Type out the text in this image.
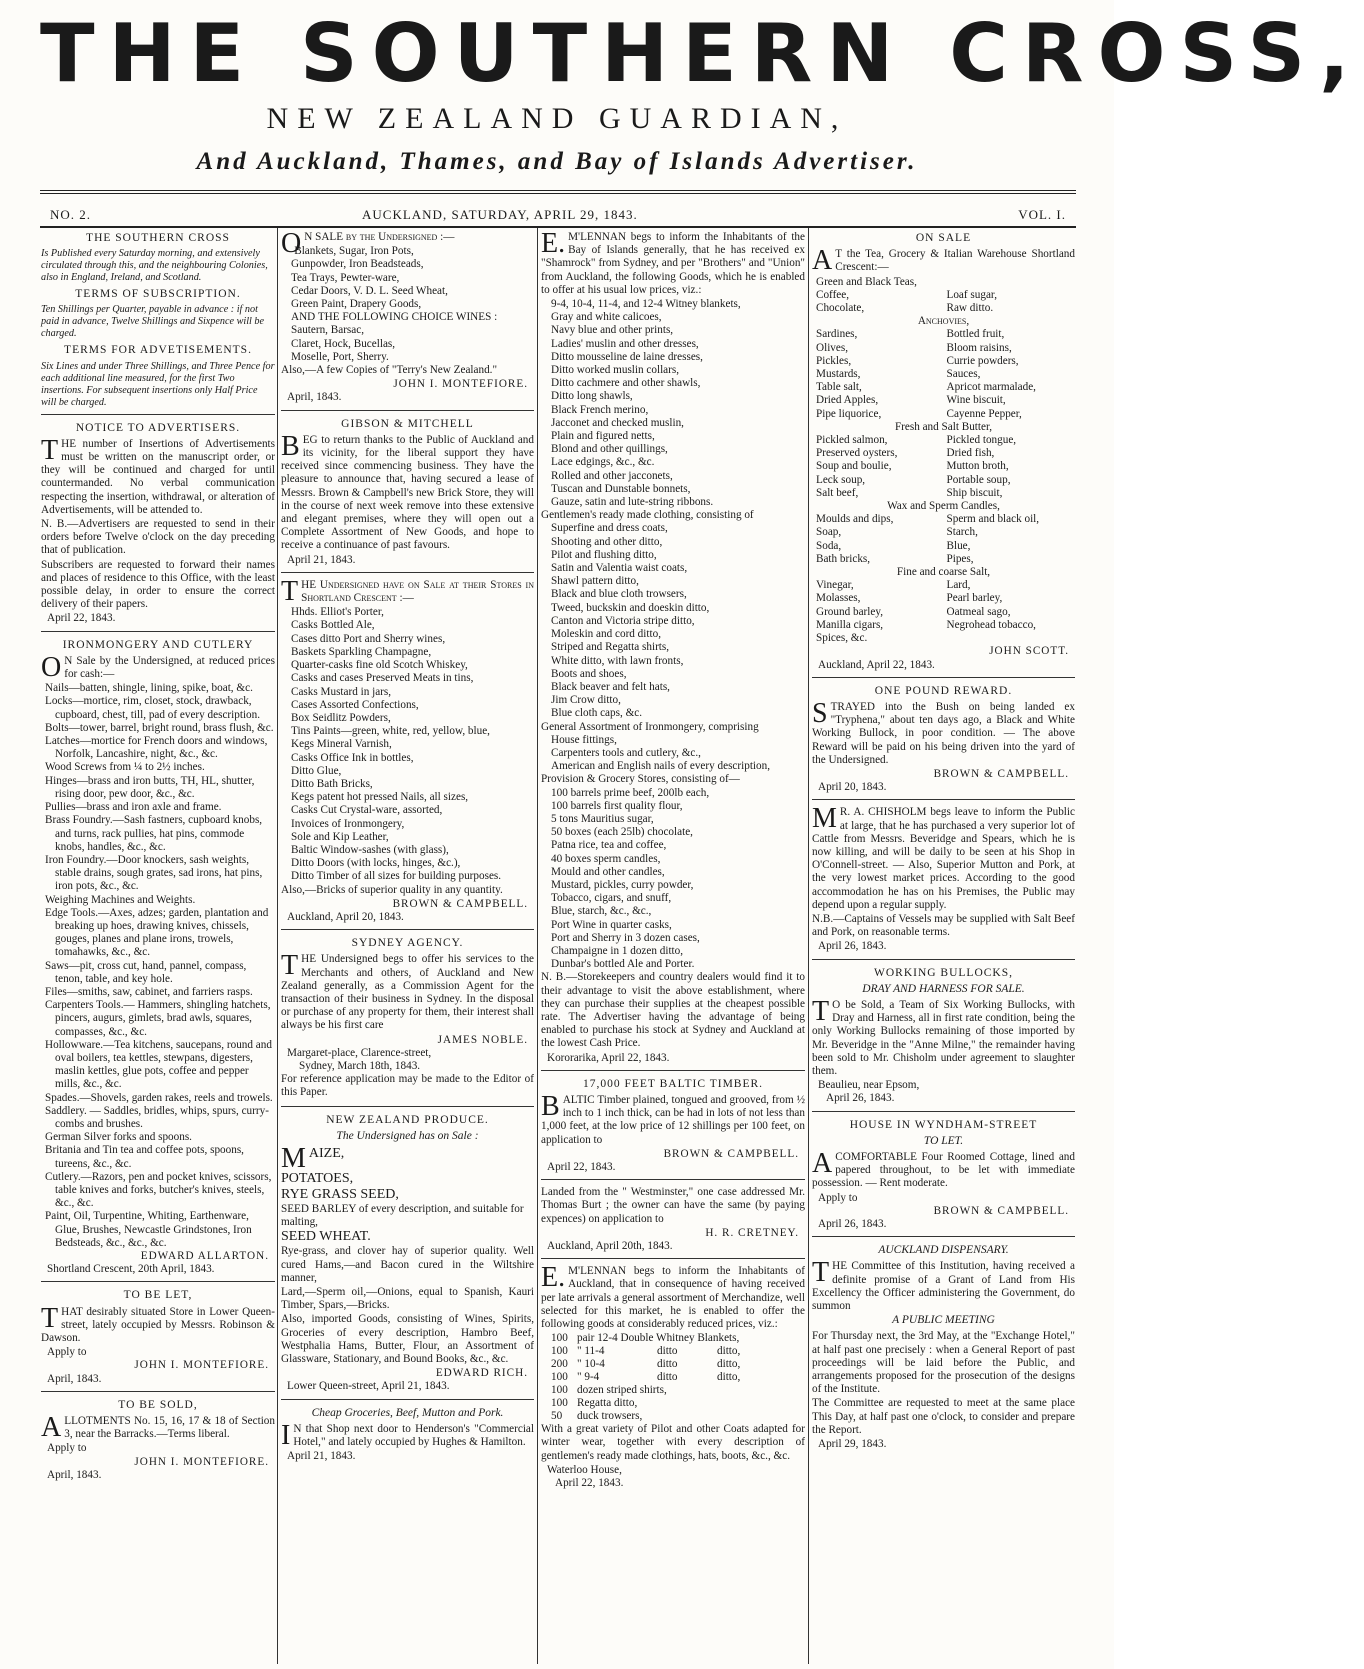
THE SOUTHERN CROSS,
NEW ZEALAND GUARDIAN,
And Auckland, Thames, and Bay of Islands Advertiser.
NO. 2.	AUCKLAND, SATURDAY, APRIL 29, 1843.	VOL. I.
THE SOUTHERN CROSS
Is Published every Saturday morning, and extensively circulated through this, and the neighbouring Colonies, also in England, Ireland, and Scotland.
TERMS OF SUBSCRIPTION.
Ten Shillings per Quarter, payable in advance : if not paid in advance, Twelve Shillings and Sixpence will be charged.
TERMS FOR ADVETISEMENTS.
Six Lines and under Three Shillings, and Three Pence for each additional line measured, for the first Two insertions. For subsequent insertions only Half Price will be charged.
NOTICE TO ADVERTISERS.

THE number of Insertions of Advertisements must be written on the manuscript order, or they will be continued and charged for until countermanded. No verbal communication respecting the insertion, withdrawal, or alteration of Advertisements, will be attended to.

N. B.—Advertisers are requested to send in their orders before Twelve o'clock on the day preceding that of publication.

Subscribers are requested to forward their names and places of residence to this Office, with the least possible delay, in order to ensure the correct delivery of their papers.

April 22, 1843.
IRONMONGERY AND CUTLERY

O N Sale by the Undersigned, at reduced prices for cash:—

Nails—batten, shingle, lining, spike, boat, &c.
Locks—mortice, rim, closet, stock, drawback, cupboard, chest, till, pad of every description.
Bolts—tower, barrel, bright round, brass flush, &c.
Latches—mortice for French doors and windows, Norfolk, Lancashire, night, &c., &c.
Wood Screws from ¼ to 2½ inches.
Hinges—brass and iron butts, TH, HL, shutter, rising door, pew door, &c., &c.
Pullies—brass and iron axle and frame.
Brass Foundry.—Sash fastners, cupboard knobs, and turns, rack pullies, hat pins, commode knobs, handles, &c., &c.
Iron Foundry.—Door knockers, sash weights, stable drains, sough grates, sad irons, hat pins, iron pots, &c., &c.
Weighing Machines and Weights.
Edge Tools.—Axes, adzes; garden, plantation and breaking up hoes, drawing knives, chissels, gouges, planes and plane irons, trowels, tomahawks, &c., &c.
Saws—pit, cross cut, hand, pannel, compass, tenon, table, and key hole.
Files—smiths, saw, cabinet, and farriers rasps.
Carpenters Tools.— Hammers, shingling hatchets, pincers, augurs, gimlets, brad awls, squares, compasses, &c., &c.
Hollowware.—Tea kitchens, saucepans, round and oval boilers, tea kettles, stewpans, digesters, maslin kettles, glue pots, coffee and pepper mills, &c., &c.
Spades.—Shovels, garden rakes, reels and trowels.
Saddlery. — Saddles, bridles, whips, spurs, curry-combs and brushes.
German Silver forks and spoons.
Britania and Tin tea and coffee pots, spoons, tureens, &c., &c.
Cutlery.—Razors, pen and pocket knives, scissors, table knives and forks, butcher's knives, steels, &c., &c.
Paint, Oil, Turpentine, Whiting, Earthenware, Glue, Brushes, Newcastle Grindstones, Iron Bedsteads, &c., &c., &c.
EDWARD ALLARTON.
Shortland Crescent, 20th April, 1843.
TO BE LET,

THAT desirably situated Store in Lower Queen-street, lately occupied by Messrs. Robinson & Dawson.

Apply to
JOHN I. MONTEFIORE.
April, 1843.
TO BE SOLD,

ALLOTMENTS No. 15, 16, 17 & 18 of Section 3, near the Barracks.—Terms liberal.

Apply to
JOHN I. MONTEFIORE.
April, 1843.

O N SALE by the Undersigned :—

Blankets, Sugar, Iron Pots,
Gunpowder, Iron Beadsteads,
Tea Trays, Pewter-ware,
Cedar Doors, V. D. L. Seed Wheat,
Green Paint, Drapery Goods,
AND THE FOLLOWING CHOICE WINES :
Sautern, Barsac,
Claret, Hock, Bucellas,
Moselle, Port, Sherry.

Also,—A few Copies of "Terry's New Zealand."

JOHN I. MONTEFIORE.
April, 1843.
GIBSON & MITCHELL

BEG to return thanks to the Public of Auckland and its vicinity, for the liberal support they have received since commencing business. They have the pleasure to announce that, having secured a lease of Messrs. Brown & Campbell's new Brick Store, they will in the course of next week remove into these extensive and elegant premises, where they will open out a Complete Assortment of New Goods, and hope to receive a continuance of past favours.

April 21, 1843.

THE Undersigned have on Sale at their Stores in Shortland Crescent :—

Hhds. Elliot's Porter,
Casks Bottled Ale,
Cases ditto Port and Sherry wines,
Baskets Sparkling Champagne,
Quarter-casks fine old Scotch Whiskey,
Casks and cases Preserved Meats in tins,
Casks Mustard in jars,
Cases Assorted Confections,
Box Seidlitz Powders,
Tins Paints—green, white, red, yellow, blue,
Kegs Mineral Varnish,
Casks Office Ink in bottles,
Ditto Glue,
Ditto Bath Bricks,
Kegs patent hot pressed Nails, all sizes,
Casks Cut Crystal-ware, assorted,
Invoices of Ironmongery,
Sole and Kip Leather,
Baltic Window-sashes (with glass),
Ditto Doors (with locks, hinges, &c.),
Ditto Timber of all sizes for building purposes.

Also,—Bricks of superior quality in any quantity.

BROWN & CAMPBELL.
Auckland, April 20, 1843.
SYDNEY AGENCY.

THE Undersigned begs to offer his services to the Merchants and others, of Auckland and New Zealand generally, as a Commission Agent for the transaction of their business in Sydney. In the disposal or purchase of any property for them, their interest shall always be his first care

JAMES NOBLE.
Margaret-place, Clarence-street,
Sydney, March 18th, 1843.

For reference application may be made to the Editor of this Paper.

NEW ZEALAND PRODUCE.
The Undersigned has on Sale :
MAIZE,
POTATOES,
RYE GRASS SEED,
SEED BARLEY of every description, and suitable for malting,
SEED WHEAT.

Rye-grass, and clover hay of superior quality. Well cured Hams,—and Bacon cured in the Wiltshire manner,

Lard,—Sperm oil,—Onions, equal to Spanish, Kauri Timber, Spars,—Bricks.

Also, imported Goods, consisting of Wines, Spirits, Groceries of every description, Hambro Beef, Westphalia Hams, Butter, Flour, an Assortment of Glassware, Stationary, and Bound Books, &c., &c.

EDWARD RICH.
Lower Queen-street, April 21, 1843.
Cheap Groceries, Beef, Mutton and Pork.

I N that Shop next door to Henderson's "Commercial Hotel," and lately occupied by Hughes & Hamilton.

April 21, 1843.

E. M'LENNAN begs to inform the Inhabitants of the Bay of Islands generally, that he has received ex "Shamrock" from Sydney, and per "Brothers" and "Union" from Auckland, the following Goods, which he is enabled to offer at his usual low prices, viz.:

9-4, 10-4, 11-4, and 12-4 Witney blankets,
Gray and white calicoes,
Navy blue and other prints,
Ladies' muslin and other dresses,
Ditto mousseline de laine dresses,
Ditto worked muslin collars,
Ditto cachmere and other shawls,
Ditto long shawls,
Black French merino,
Jacconet and checked muslin,
Plain and figured netts,
Blond and other quillings,
Lace edgings, &c., &c.
Rolled and other jacconets,
Tuscan and Dunstable bonnets,
Gauze, satin and lute-string ribbons.
Gentlemen's ready made clothing, consisting of
Superfine and dress coats,
Shooting and other ditto,
Pilot and flushing ditto,
Satin and Valentia waist coats,
Shawl pattern ditto,
Black and blue cloth trowsers,
Tweed, buckskin and doeskin ditto,
Canton and Victoria stripe ditto,
Moleskin and cord ditto,
Striped and Regatta shirts,
White ditto, with lawn fronts,
Boots and shoes,
Black beaver and felt hats,
Jim Crow ditto,
Blue cloth caps, &c.
General Assortment of Ironmongery, comprising
House fittings,
Carpenters tools and cutlery, &c.,
American and English nails of every description,
Provision & Grocery Stores, consisting of—
100 barrels prime beef, 200lb each,
100 barrels first quality flour,
5 tons Mauritius sugar,
50 boxes (each 25lb) chocolate,
Patna rice, tea and coffee,
40 boxes sperm candles,
Mould and other candles,
Mustard, pickles, curry powder,
Tobacco, cigars, and snuff,
Blue, starch, &c., &c.,
Port Wine in quarter casks,
Port and Sherry in 3 dozen cases,
Champaigne in 1 dozen ditto,
Dunbar's bottled Ale and Porter.

N. B.—Storekeepers and country dealers would find it to their advantage to visit the above establishment, where they can purchase their supplies at the cheapest possible rate. The Advertiser having the advantage of being enabled to purchase his stock at Sydney and Auckland at the lowest Cash Price.

Kororarika, April 22, 1843.
17,000 FEET BALTIC TIMBER.

BALTIC Timber plained, tongued and grooved, from ½ inch to 1 inch thick, can be had in lots of not less than 1,000 feet, at the low price of 12 shillings per 100 feet, on application to

BROWN & CAMPBELL.
April 22, 1843.

Landed from the " Westminster," one case addressed Mr. Thomas Burt ; the owner can have the same (by paying expences) on application to

H. R. CRETNEY.
Auckland, April 20th, 1843.

E. M'LENNAN begs to inform the Inhabitants of Auckland, that in consequence of having received per late arrivals a general assortment of Merchandize, well selected for this market, he is enabled to offer the following goods at considerably reduced prices, viz.:

100	pair 12-4 Double Whitney Blankets,		
100	" 11-4	ditto	ditto,
200	" 10-4	ditto	ditto,
100	" 9-4	ditto	ditto,
100	dozen striped shirts,		
100	Regatta ditto,		
50	duck trowsers,		

With a great variety of Pilot and other Coats adapted for winter wear, together with every description of gentlemen's ready made clothings, hats, boots, &c., &c.

Waterloo House,
April 22, 1843.
ON SALE

A T the Tea, Grocery & Italian Warehouse Shortland Crescent:—

Green and Black Teas,
Coffee,	Loaf sugar,
Chocolate,	Raw ditto.
Anchovies,
Sardines,	Bottled fruit,
Olives,	Bloom raisins,
Pickles,	Currie powders,
Mustards,	Sauces,
Table salt,	Apricot marmalade,
Dried Apples,	Wine biscuit,
Pipe liquorice,	Cayenne Pepper,
Fresh and Salt Butter,
Pickled salmon,	Pickled tongue,
Preserved oysters,	Dried fish,
Soup and boulie,	Mutton broth,
Leck soup,	Portable soup,
Salt beef,	Ship biscuit,
Wax and Sperm Candles,
Moulds and dips,	Sperm and black oil,
Soap,	Starch,
Soda,	Blue,
Bath bricks,	Pipes,
Fine and coarse Salt,
Vinegar,	Lard,
Molasses,	Pearl barley,
Ground barley,	Oatmeal sago,
Manilla cigars,	Negrohead tobacco,
Spices, &c.
JOHN SCOTT.
Auckland, April 22, 1843.
ONE POUND REWARD.

STRAYED into the Bush on being landed ex "Tryphena," about ten days ago, a Black and White Working Bullock, in poor condition. — The above Reward will be paid on his being driven into the yard of the Undersigned.

BROWN & CAMPBELL.
April 20, 1843.

M R. A. CHISHOLM begs leave to inform the Public at large, that he has purchased a very superior lot of Cattle from Messrs. Beveridge and Spears, which he is now killing, and will be daily to be seen at his Shop in O'Connell-street. — Also, Superior Mutton and Pork, at the very lowest market prices. According to the good accommodation he has on his Premises, the Public may depend upon a regular supply.

N.B.—Captains of Vessels may be supplied with Salt Beef and Pork, on reasonable terms.

April 26, 1843.
WORKING BULLOCKS,
DRAY AND HARNESS FOR SALE.

T O be Sold, a Team of Six Working Bullocks, with Dray and Harness, all in first rate condition, being the only Working Bullocks remaining of those imported by Mr. Beveridge in the "Anne Milne," the remainder having been sold to Mr. Chisholm under agreement to slaughter them.

Beaulieu, near Epsom,
April 26, 1843.
HOUSE IN WYNDHAM-STREET
TO LET.

ACOMFORTABLE Four Roomed Cottage, lined and papered throughout, to be let with immediate possession. — Rent moderate.

Apply to
BROWN & CAMPBELL.
April 26, 1843.
AUCKLAND DISPENSARY.

THE Committee of this Institution, having received a definite promise of a Grant of Land from His Excellency the Officer administering the Government, do summon

A PUBLIC MEETING

For Thursday next, the 3rd May, at the "Exchange Hotel," at half past one precisely : when a General Report of past proceedings will be laid before the Public, and arrangements proposed for the prosecution of the designs of the Institute.

The Committee are requested to meet at the same place This Day, at half past one o'clock, to consider and prepare the Report.

April 29, 1843.
